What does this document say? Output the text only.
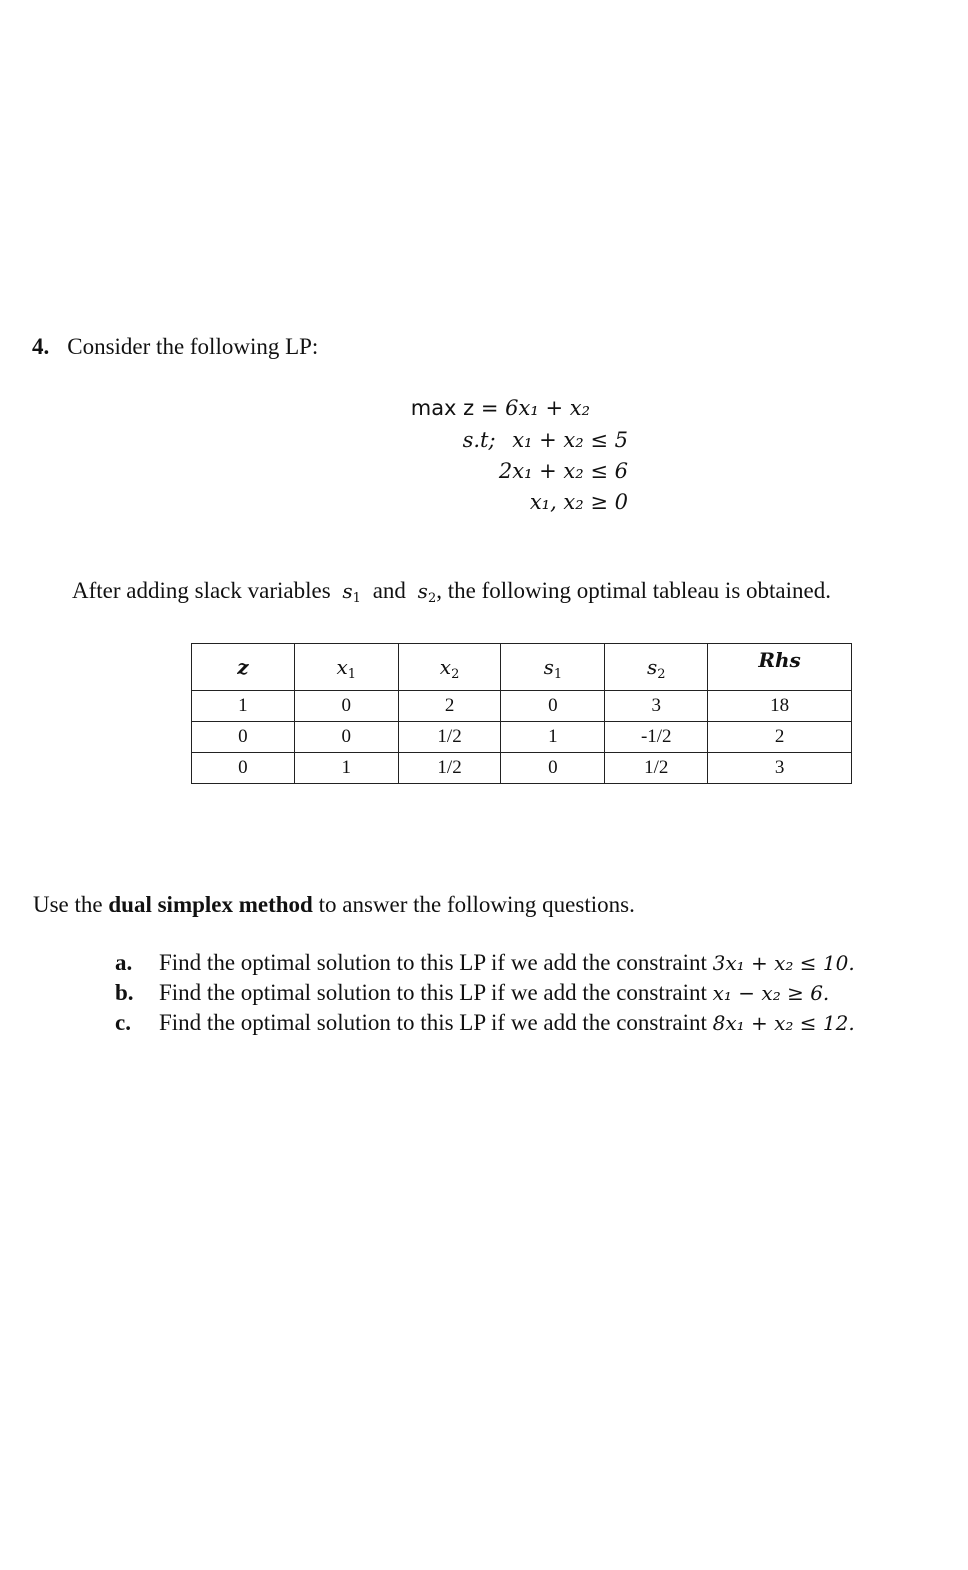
4. Consider the following LP:
max z = 6x₁ + x₂
s.t; x₁ + x₂ ≤ 5
2x₁ + x₂ ≤ 6
x₁, x₂ ≥ 0
After adding slack variables $s_1$ and $s_2$, the following optimal tableau is obtained.
z	$x_1$	$x_2$	$s_1$	$s_2$	Rhs
1	0	2	0	3	18
0	0	1/2	1	-1/2	2
0	1	1/2	0	1/2	3
Use the dual simplex method to answer the following questions.
a. Find the optimal solution to this LP if we add the constraint 3x₁ + x₂ ≤ 10.
b. Find the optimal solution to this LP if we add the constraint x₁ − x₂ ≥ 6.
c. Find the optimal solution to this LP if we add the constraint 8x₁ + x₂ ≤ 12.
